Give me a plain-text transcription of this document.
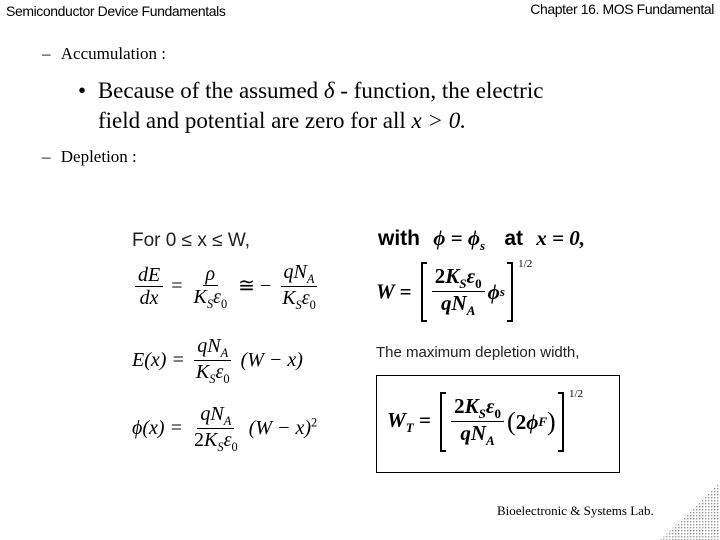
Semiconductor Device Fundamentals	Chapter 16. MOS Fundamental
– Accumulation :
• Because of the assumed δ - function, the electric
field and potential are zero for all x > 0.
– Depletion :
For 0 ≤ x ≤ W,
$\frac{dE}{dx} = \frac{\rho}{K_S\varepsilon_0}$ ≅ − $\frac{qN_A}{K_S\varepsilon_0}$
$E(x) = \frac{qN_A}{K_S\varepsilon_0} (W - x)$
$\phi(x) = \frac{qN_A}{2K_S\varepsilon_0} (W - x)^2$
with $\phi = \phi_s$ at x = 0,
$W = \frac{2K_S\varepsilon_0}{qN_A}$ ϕ s
$^{1/2}$
The maximum depletion width,
$W_T = \frac{2K_S\varepsilon_0}{qN_A}$ ( 2 ϕ F )
$^{1/2}$
Bioelectronic & Systems Lab.
